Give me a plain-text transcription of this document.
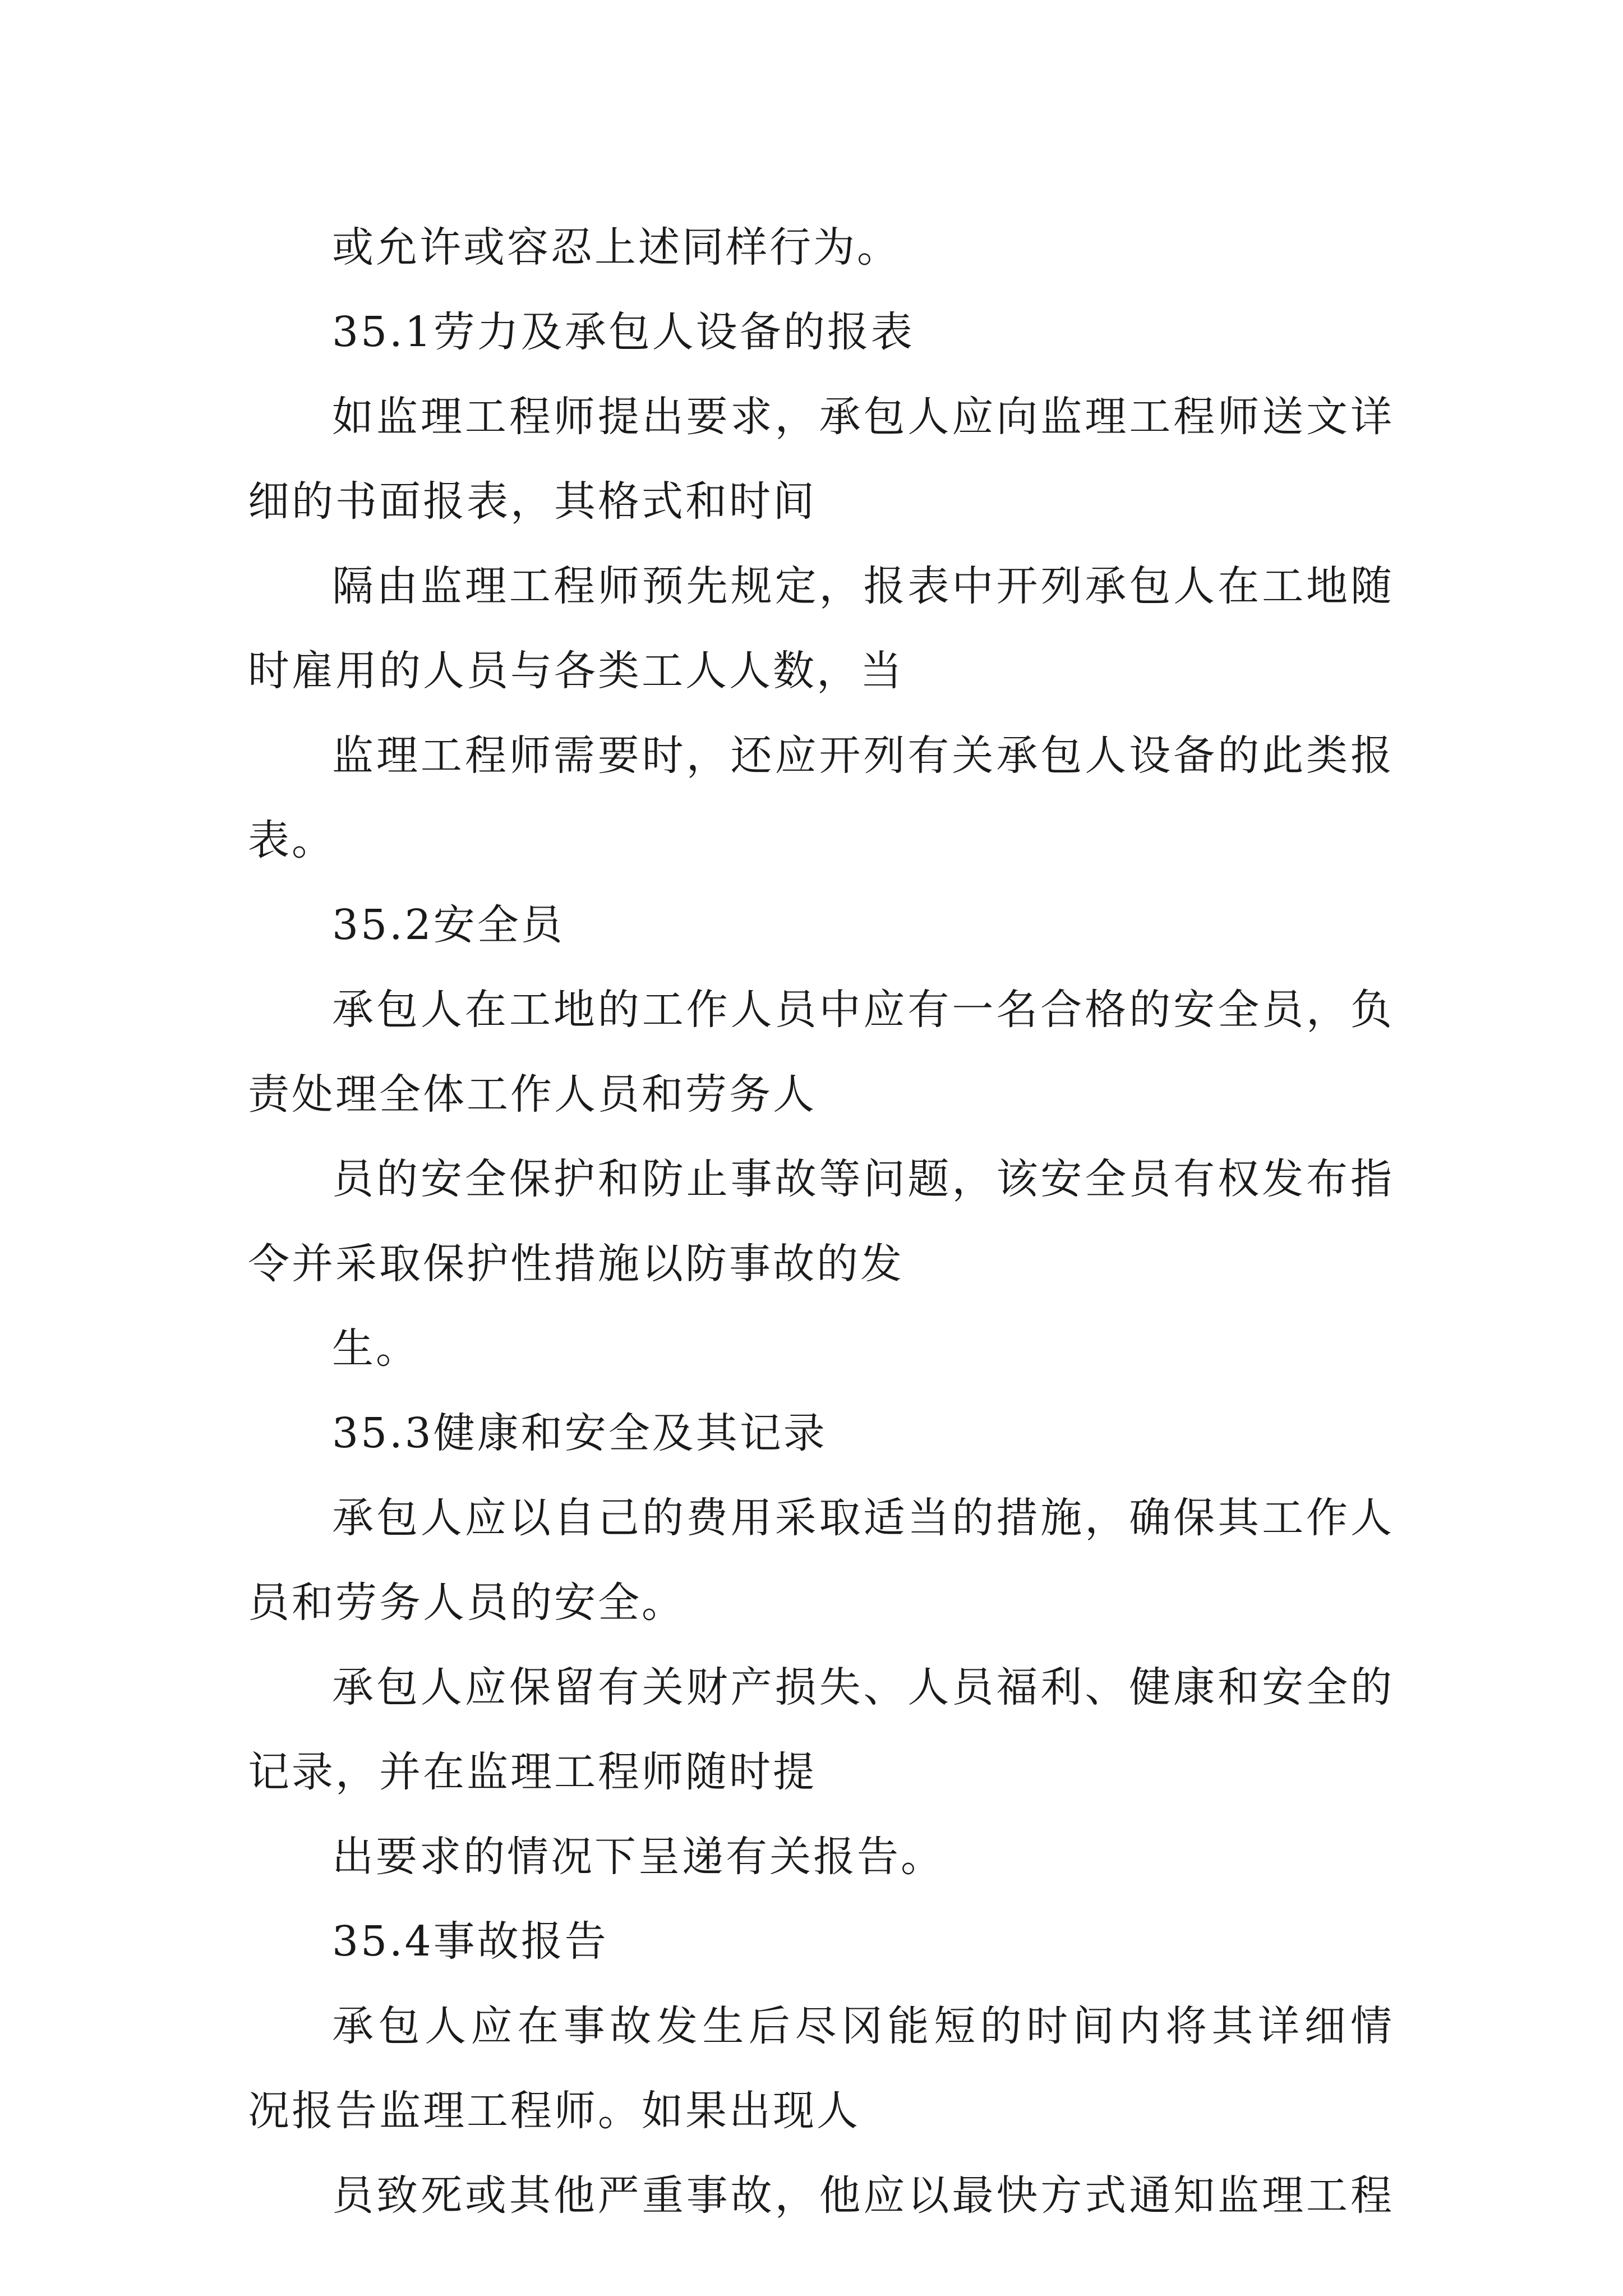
或允许或容忍上述同样行为。
35.1劳力及承包人设备的报表
如监理工程师提出要求，承包人应向监理工程师送文详
细的书面报表，其格式和时间
隔由监理工程师预先规定，报表中开列承包人在工地随
时雇用的人员与各类工人人数，当
监理工程师需要时，还应开列有关承包人设备的此类报
表。
35.2安全员
承包人在工地的工作人员中应有一名合格的安全员，负
责处理全体工作人员和劳务人
员的安全保护和防止事故等问题，该安全员有权发布指
令并采取保护性措施以防事故的发
生。
35.3健康和安全及其记录
承包人应以自己的费用采取适当的措施，确保其工作人
员和劳务人员的安全。
承包人应保留有关财产损失、人员福利、健康和安全的
记录，并在监理工程师随时提
出要求的情况下呈递有关报告。
35.4事故报告
承包人应在事故发生后尽冈能短的时间内将其详细情
况报告监理工程师。如果出现人
员致死或其他严重事故，他应以最快方式通知监理工程
